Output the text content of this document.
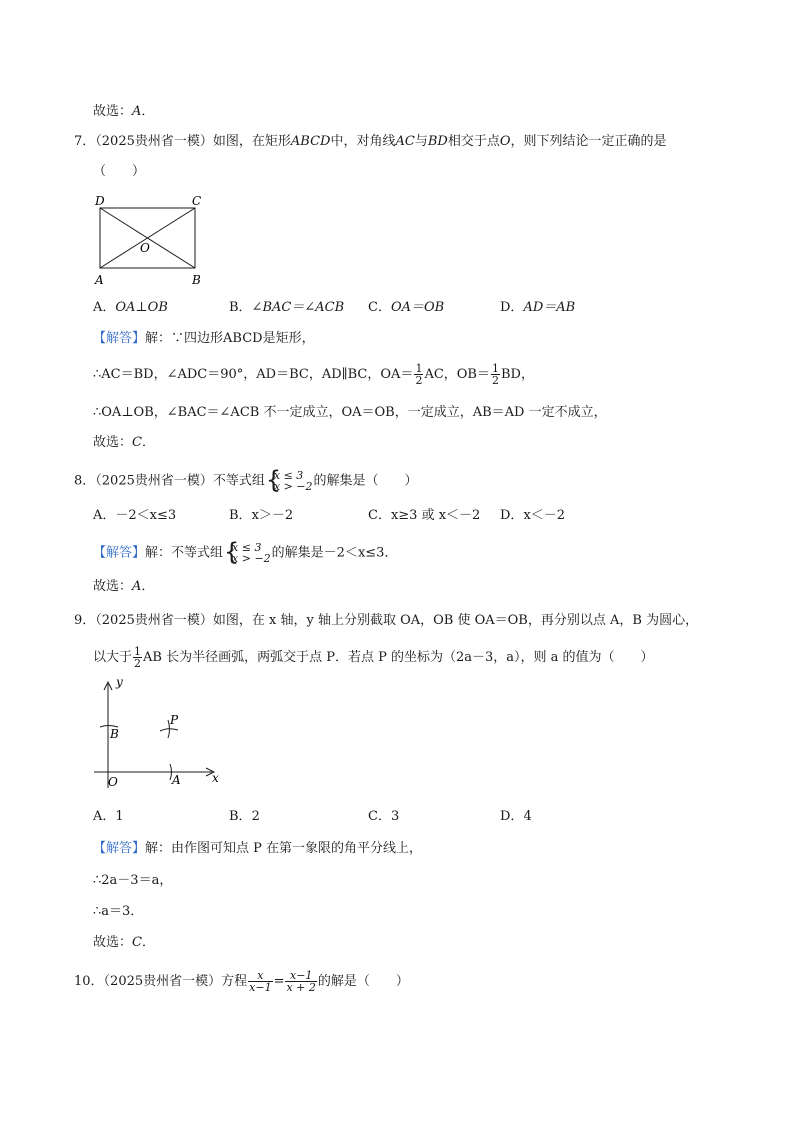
故选：A．
7．（2025贵州省一模）如图，在矩形ABCD中，对角线AC与BD相交于点O，则下列结论一定正确的是
（　　）
D	C
A	B
O
A．OA⊥OB	B．∠BAC＝∠ACB C．OA＝OB	D．AD＝AB
【解答】解：∵四边形ABCD是矩形，
∴AC＝BD，∠ADC＝90°，AD＝BC，AD∥BC，$OA= \frac{1}{2}$ AC，$OB= \frac{1}{2}$ BD，
∴OA⊥OB，∠BAC＝∠ACB 不一定成立，OA＝OB，一定成立，AB＝AD 一定不成立，
故选：C．
8．（2025贵州省一模）不等式组 {
x ≤ 3
x > −2 的解集是（　　）
A．－2＜x≤3	B．x＞－2	C．x≥3 或 x＜－2 D．x＜－2
【解答】解：不等式组 {
x ≤ 3
x > −2 的解集是－2＜x≤3．
故选：A．
9．（2025贵州省一模）如图，在 x 轴，y 轴上分别截取 OA，OB 使 OA＝OB，再分别以点 A，B 为圆心，
以大于 $\frac{1}{2}$ AB 长为半径画弧，两弧交于点 P．若点 P 的坐标为（2a－3，a），则 a 的值为（　　）
y
x
O	A
B
P
A．1	B．2	C．3	D．4
【解答】解：由作图可知点 P 在第一象限的角平分线上，
∴2a－3＝a，
∴a＝3．
故选：C．
10．（2025贵州省一模）方程 $\frac{x}{x-1} = \frac{x-1}{x + 2}$ 的解是（　　）
